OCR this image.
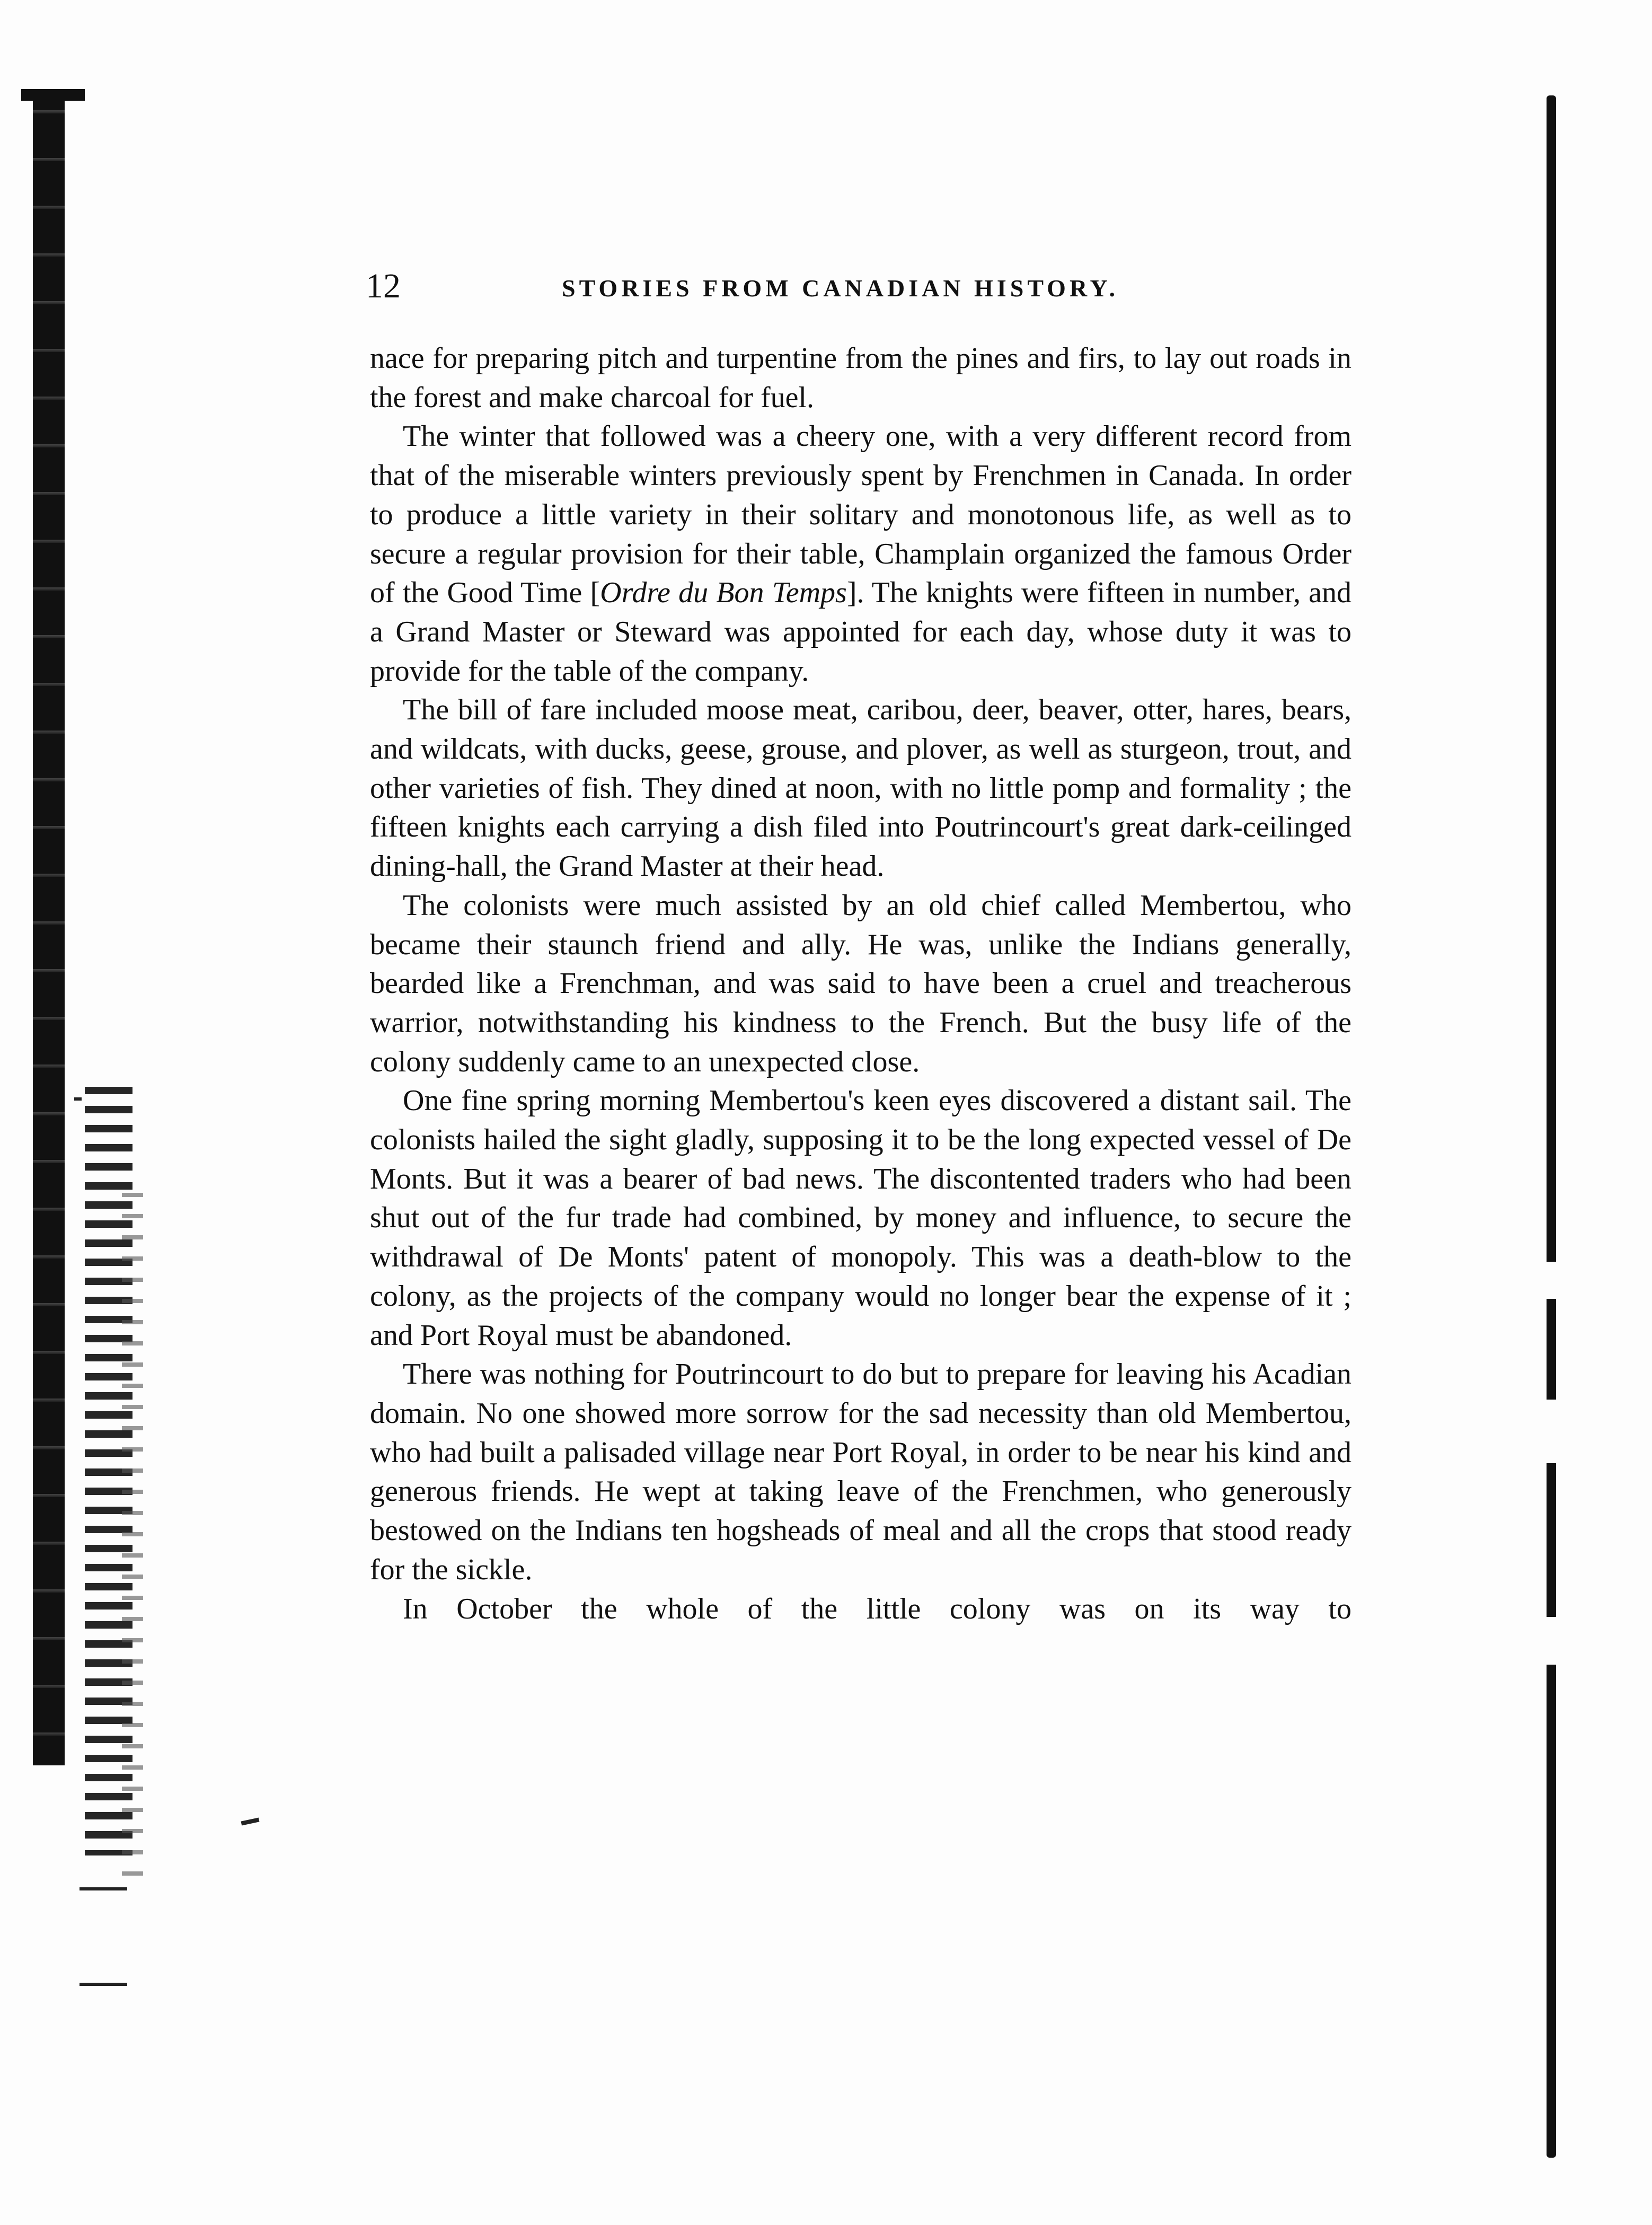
12	STORIES FROM CANADIAN HISTORY.

nace for preparing pitch and turpentine from the pines and firs, to lay out roads in the forest and make charcoal for fuel.

The winter that followed was a cheery one, with a very different record from that of the miserable winters previously spent by Frenchmen in Canada. In order to produce a little variety in their solitary and monotonous life, as well as to secure a regular provision for their table, Champlain organized the famous Order of the Good Time [Ordre du Bon Temps]. The knights were fifteen in number, and a Grand Master or Steward was appointed for each day, whose duty it was to provide for the table of the company.

The bill of fare included moose meat, caribou, deer, beaver, otter, hares, bears, and wildcats, with ducks, geese, grouse, and plover, as well as sturgeon, trout, and other varieties of fish. They dined at noon, with no little pomp and formality ; the fifteen knights each carrying a dish filed into Poutrincourt's great dark-ceilinged dining-hall, the Grand Master at their head.

The colonists were much assisted by an old chief called Membertou, who became their staunch friend and ally. He was, unlike the Indians generally, bearded like a Frenchman, and was said to have been a cruel and treacherous warrior, notwithstanding his kindness to the French. But the busy life of the colony suddenly came to an unexpected close.

One fine spring morning Membertou's keen eyes discovered a distant sail. The colonists hailed the sight gladly, supposing it to be the long expected vessel of De Monts. But it was a bearer of bad news. The discontented traders who had been shut out of the fur trade had combined, by money and influence, to secure the withdrawal of De Monts' patent of monopoly. This was a death-blow to the colony, as the projects of the company would no longer bear the expense of it ; and Port Royal must be abandoned.

There was nothing for Poutrincourt to do but to prepare for leaving his Acadian domain. No one showed more sorrow for the sad necessity than old Membertou, who had built a palisaded village near Port Royal, in order to be near his kind and generous friends. He wept at taking leave of the Frenchmen, who generously bestowed on the Indians ten hogsheads of meal and all the crops that stood ready for the sickle.

In October the whole of the little colony was on its way to
